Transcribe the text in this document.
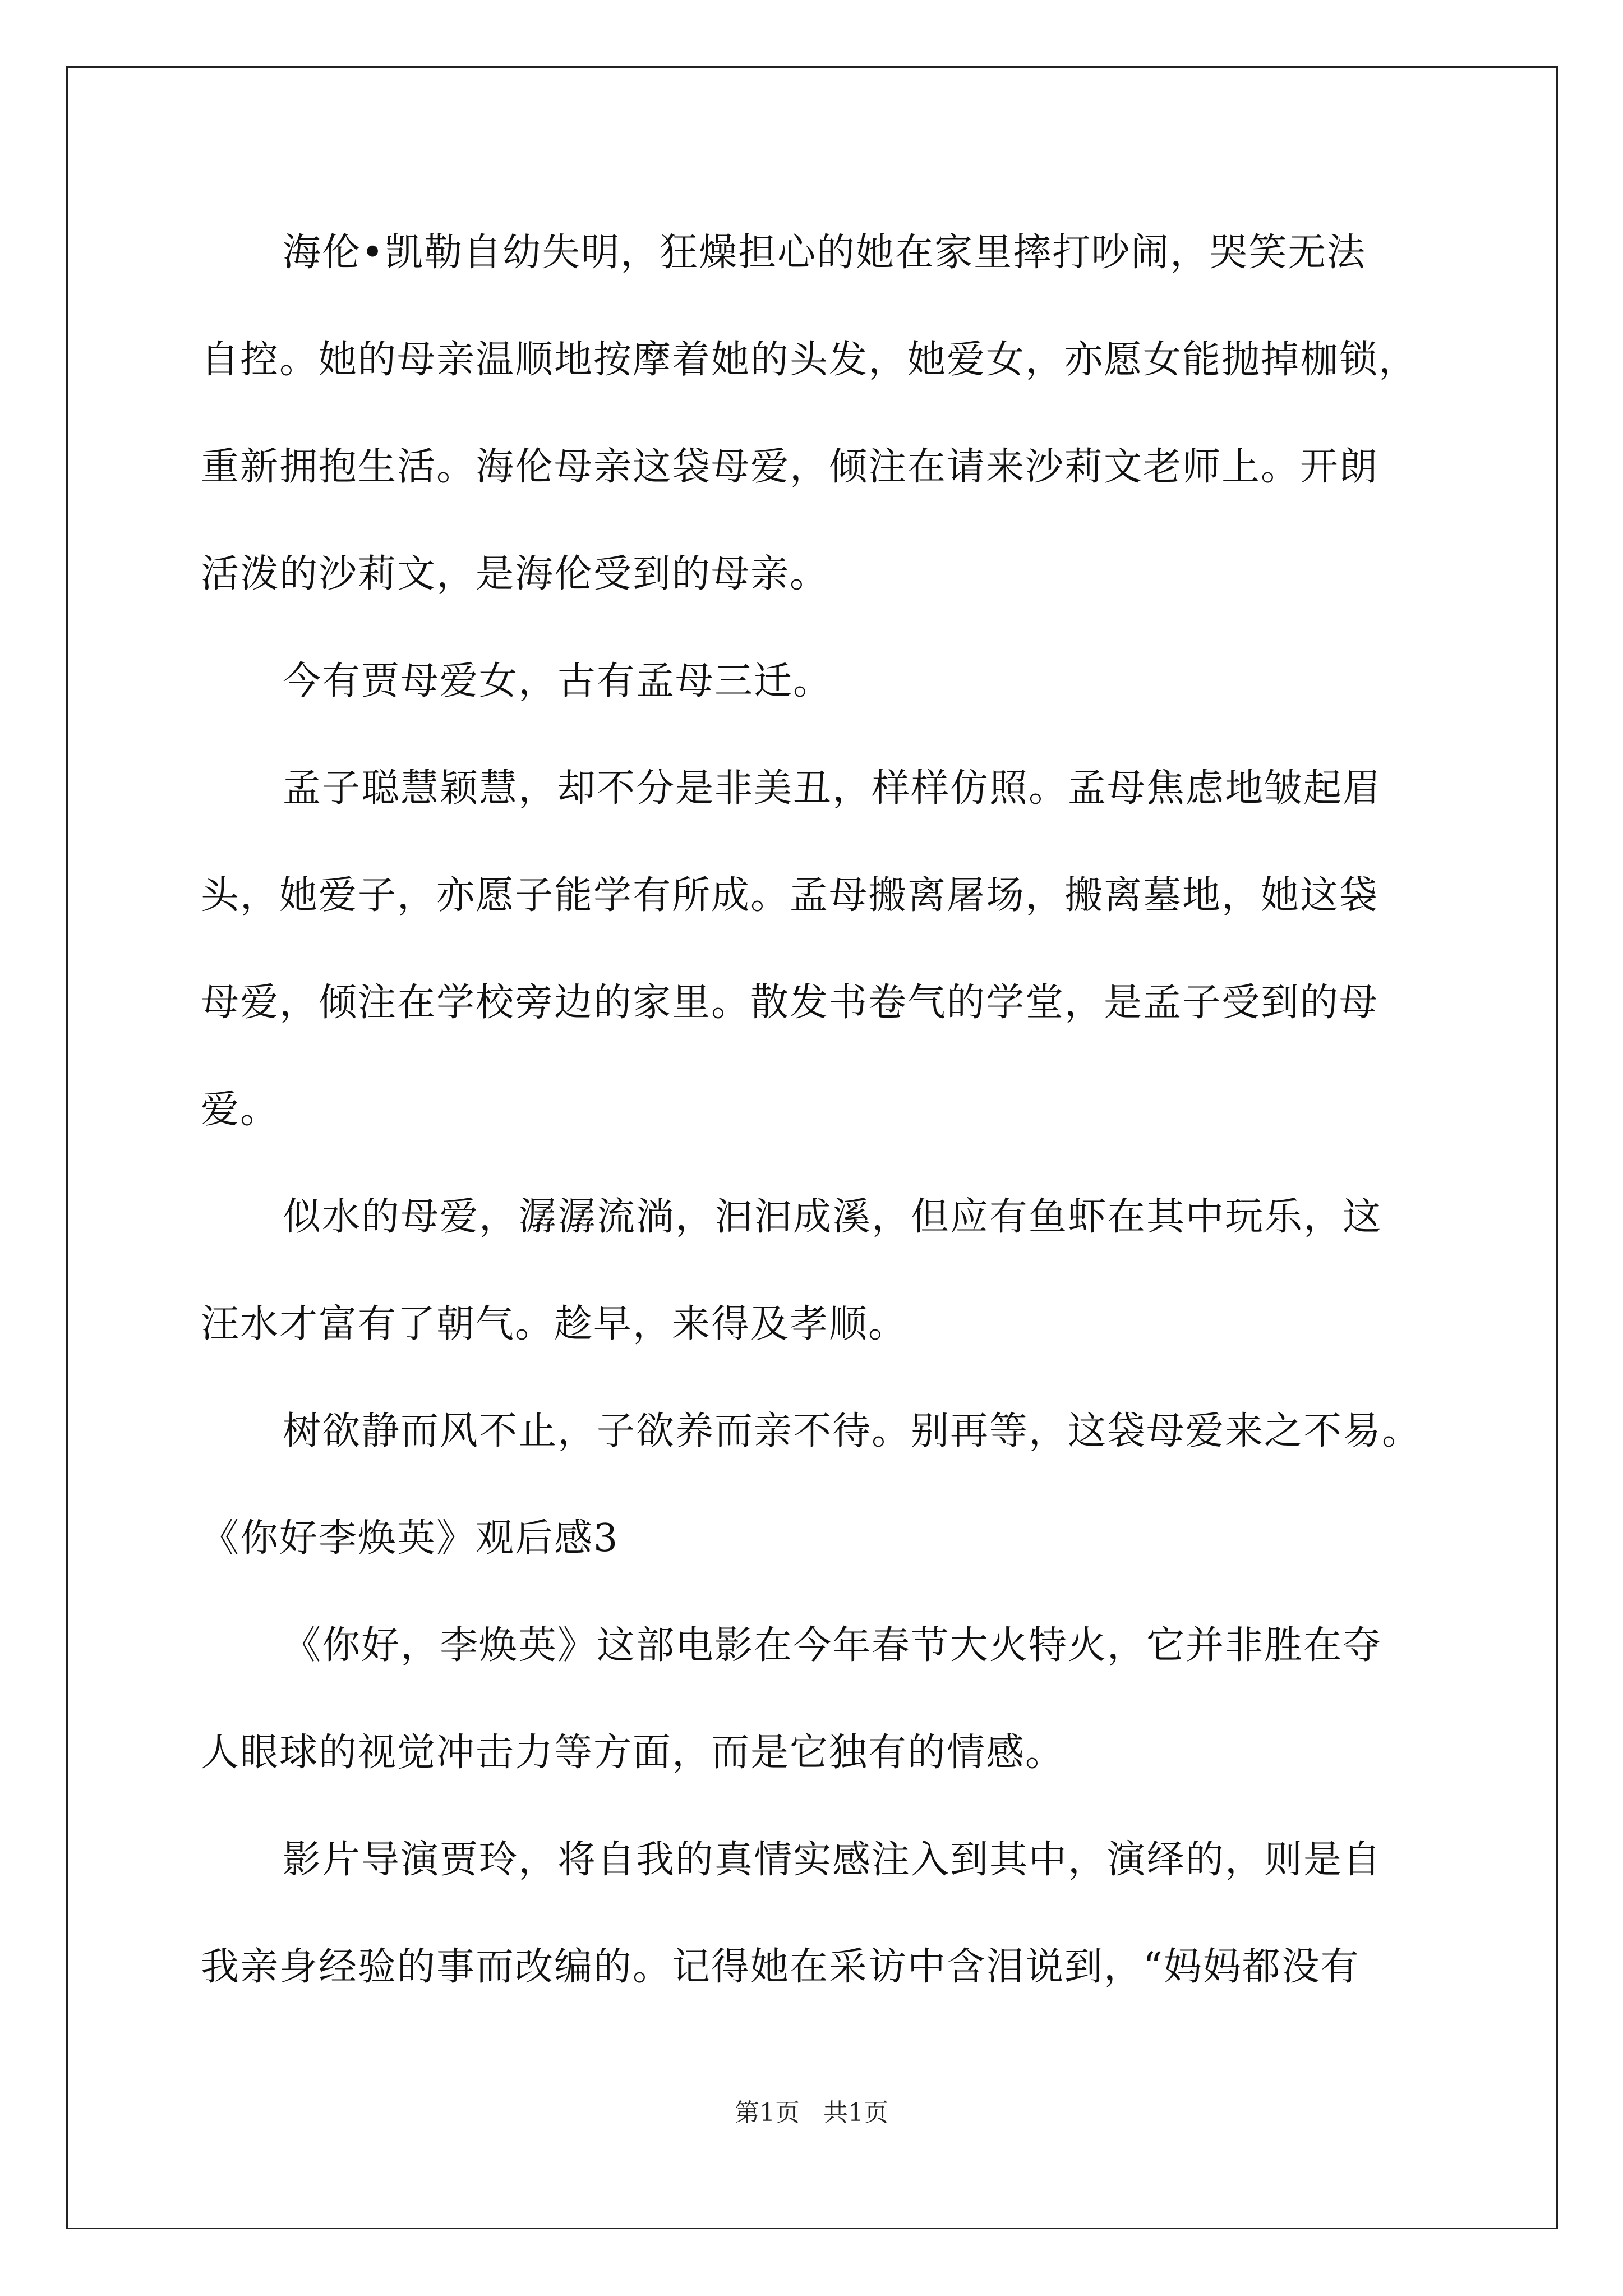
海伦•凯勒自幼失明，狂燥担心的她在家里摔打吵闹，哭笑无法
自控。她的母亲温顺地按摩着她的头发，她爱女，亦愿女能抛掉枷锁，
重新拥抱生活。海伦母亲这袋母爱，倾注在请来沙莉文老师上。开朗
活泼的沙莉文，是海伦受到的母亲。
今有贾母爱女，古有孟母三迁。
孟子聪慧颖慧，却不分是非美丑，样样仿照。孟母焦虑地皱起眉
头，她爱子，亦愿子能学有所成。孟母搬离屠场，搬离墓地，她这袋
母爱，倾注在学校旁边的家里。散发书卷气的学堂，是孟子受到的母
爱。
似水的母爱，潺潺流淌，汩汩成溪，但应有鱼虾在其中玩乐，这
汪水才富有了朝气。趁早，来得及孝顺。
树欲静而风不止，子欲养而亲不待。别再等，这袋母爱来之不易。
《你好李焕英》观后感3
《你好，李焕英》这部电影在今年春节大火特火，它并非胜在夺
人眼球的视觉冲击力等方面，而是它独有的情感。
影片导演贾玲，将自我的真情实感注入到其中，演绎的，则是自
我亲身经验的事而改编的。记得她在采访中含泪说到，“妈妈都没有
第1页   共1页
